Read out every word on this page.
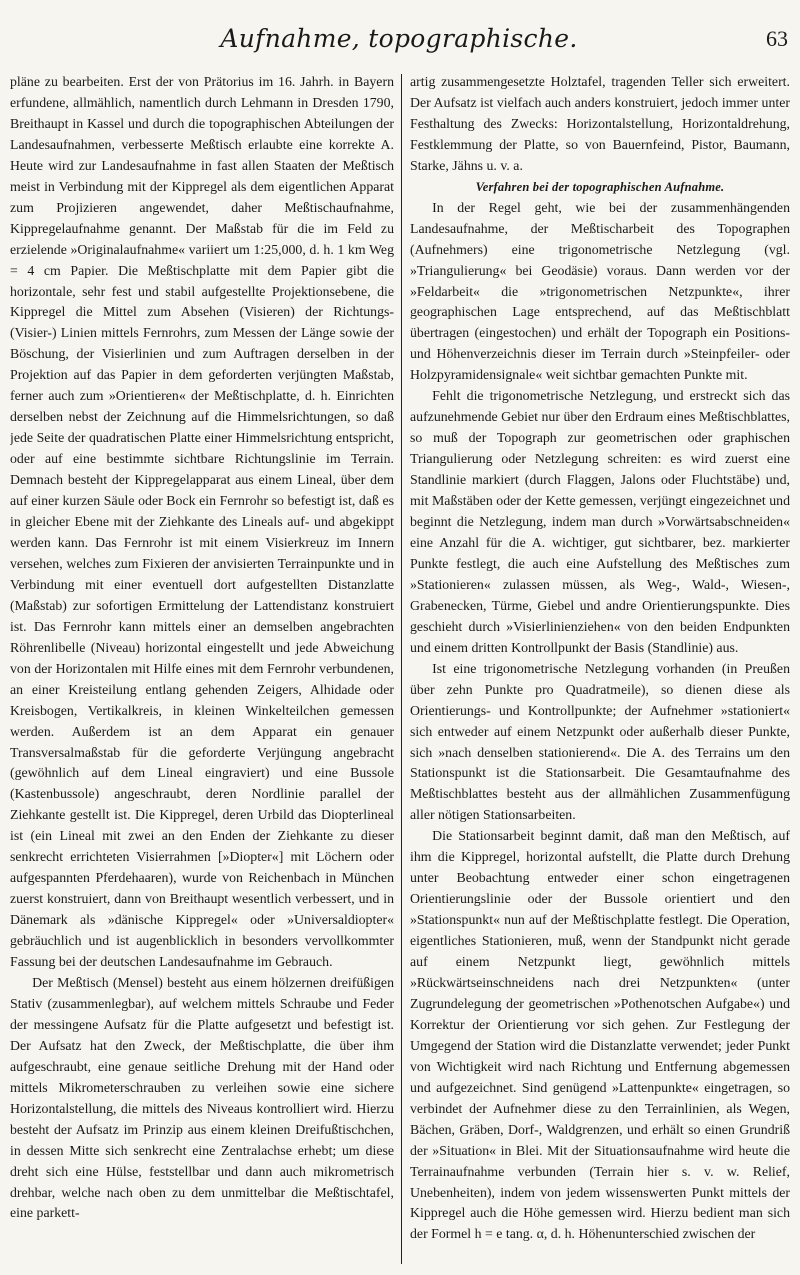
Aufnahme, topographische.	63

pläne zu bearbeiten. Erst der von Prätorius im 16. Jahrh. in Bayern erfundene, allmählich, namentlich durch Lehmann in Dresden 1790, Breithaupt in Kassel und durch die topographischen Abteilungen der Landesaufnahmen, verbesserte Meßtisch erlaubte eine korrekte A. Heute wird zur Landesaufnahme in fast allen Staaten der Meßtisch meist in Verbindung mit der Kippregel als dem eigentlichen Apparat zum Projizieren angewendet, daher Meßtischaufnahme, Kippregelaufnahme genannt. Der Maßstab für die im Feld zu erzielende »Originalaufnahme« variiert um 1:25,000, d. h. 1 km Weg = 4 cm Papier. Die Meßtischplatte mit dem Papier gibt die horizontale, sehr fest und stabil aufgestellte Projektionsebene, die Kippregel die Mittel zum Absehen (Visieren) der Richtungs- (Visier-) Linien mittels Fernrohrs, zum Messen der Länge sowie der Böschung, der Visierlinien und zum Auftragen derselben in der Projektion auf das Papier in dem geforderten verjüngten Maßstab, ferner auch zum »Orientieren« der Meßtischplatte, d. h. Einrichten derselben nebst der Zeichnung auf die Himmelsrichtungen, so daß jede Seite der quadratischen Platte einer Himmelsrichtung entspricht, oder auf eine bestimmte sichtbare Richtungslinie im Terrain. Demnach besteht der Kippregelapparat aus einem Lineal, über dem auf einer kurzen Säule oder Bock ein Fernrohr so befestigt ist, daß es in gleicher Ebene mit der Ziehkante des Lineals auf- und abgekippt werden kann. Das Fernrohr ist mit einem Visierkreuz im Innern versehen, welches zum Fixieren der anvisierten Terrainpunkte und in Verbindung mit einer eventuell dort aufgestellten Distanzlatte (Maßstab) zur sofortigen Ermittelung der Lattendistanz konstruiert ist. Das Fernrohr kann mittels einer an demselben angebrachten Röhrenlibelle (Niveau) horizontal eingestellt und jede Abweichung von der Horizontalen mit Hilfe eines mit dem Fernrohr verbundenen, an einer Kreisteilung entlang gehenden Zeigers, Alhidade oder Kreisbogen, Vertikalkreis, in kleinen Winkelteilchen gemessen werden. Außerdem ist an dem Apparat ein genauer Transversalmaßstab für die geforderte Verjüngung angebracht (gewöhnlich auf dem Lineal eingraviert) und eine Bussole (Kastenbussole) angeschraubt, deren Nordlinie parallel der Ziehkante gestellt ist. Die Kippregel, deren Urbild das Diopterlineal ist (ein Lineal mit zwei an den Enden der Ziehkante zu dieser senkrecht errichteten Visierrahmen [»Diopter«] mit Löchern oder aufgespannten Pferdehaaren), wurde von Reichenbach in München zuerst konstruiert, dann von Breithaupt wesentlich verbessert, und in Dänemark als »dänische Kippregel« oder »Universaldiopter« gebräuchlich und ist augenblicklich in besonders vervollkommter Fassung bei der deutschen Landesaufnahme im Gebrauch.

Der Meßtisch (Mensel) besteht aus einem hölzernen dreifüßigen Stativ (zusammenlegbar), auf welchem mittels Schraube und Feder der messingene Aufsatz für die Platte aufgesetzt und befestigt ist. Der Aufsatz hat den Zweck, der Meßtischplatte, die über ihm aufgeschraubt, eine genaue seitliche Drehung mit der Hand oder mittels Mikrometerschrauben zu verleihen sowie eine sichere Horizontalstellung, die mittels des Niveaus kontrolliert wird. Hierzu besteht der Aufsatz im Prinzip aus einem kleinen Dreifußtischchen, in dessen Mitte sich senkrecht eine Zentralachse erhebt; um diese dreht sich eine Hülse, feststellbar und dann auch mikrometrisch drehbar, welche nach oben zu dem unmittelbar die Meßtischtafel, eine parkett-

artig zusammengesetzte Holztafel, tragenden Teller sich erweitert. Der Aufsatz ist vielfach auch anders konstruiert, jedoch immer unter Festhaltung des Zwecks: Horizontalstellung, Horizontaldrehung, Festklemmung der Platte, so von Bauernfeind, Pistor, Baumann, Starke, Jähns u. v. a.

Verfahren bei der topographischen Aufnahme.

In der Regel geht, wie bei der zusammenhängenden Landesaufnahme, der Meßtischarbeit des Topographen (Aufnehmers) eine trigonometrische Netzlegung (vgl. »Triangulierung« bei Geodäsie) voraus. Dann werden vor der »Feldarbeit« die »trigonometrischen Netzpunkte«, ihrer geographischen Lage entsprechend, auf das Meßtischblatt übertragen (eingestochen) und erhält der Topograph ein Positions- und Höhenverzeichnis dieser im Terrain durch »Steinpfeiler- oder Holzpyramidensignale« weit sichtbar gemachten Punkte mit.

Fehlt die trigonometrische Netzlegung, und erstreckt sich das aufzunehmende Gebiet nur über den Erdraum eines Meßtischblattes, so muß der Topograph zur geometrischen oder graphischen Triangulierung oder Netzlegung schreiten: es wird zuerst eine Standlinie markiert (durch Flaggen, Jalons oder Fluchtstäbe) und, mit Maßstäben oder der Kette gemessen, verjüngt eingezeichnet und beginnt die Netzlegung, indem man durch »Vorwärtsabschneiden« eine Anzahl für die A. wichtiger, gut sichtbarer, bez. markierter Punkte festlegt, die auch eine Aufstellung des Meßtisches zum »Stationieren« zulassen müssen, als Weg-, Wald-, Wiesen-, Grabenecken, Türme, Giebel und andre Orientierungspunkte. Dies geschieht durch »Visierlinienziehen« von den beiden Endpunkten und einem dritten Kontrollpunkt der Basis (Standlinie) aus.

Ist eine trigonometrische Netzlegung vorhanden (in Preußen über zehn Punkte pro Quadratmeile), so dienen diese als Orientierungs- und Kontrollpunkte; der Aufnehmer »stationiert« sich entweder auf einem Netzpunkt oder außerhalb dieser Punkte, sich »nach denselben stationierend«. Die A. des Terrains um den Stationspunkt ist die Stationsarbeit. Die Gesamtaufnahme des Meßtischblattes besteht aus der allmählichen Zusammenfügung aller nötigen Stationsarbeiten.

Die Stationsarbeit beginnt damit, daß man den Meßtisch, auf ihm die Kippregel, horizontal aufstellt, die Platte durch Drehung unter Beobachtung entweder einer schon eingetragenen Orientierungslinie oder der Bussole orientiert und den »Stationspunkt« nun auf der Meßtischplatte festlegt. Die Operation, eigentliches Stationieren, muß, wenn der Standpunkt nicht gerade auf einem Netzpunkt liegt, gewöhnlich mittels »Rückwärtseinschneidens nach drei Netzpunkten« (unter Zugrundelegung der geometrischen »Pothenotschen Aufgabe«) und Korrektur der Orientierung vor sich gehen. Zur Festlegung der Umgegend der Station wird die Distanzlatte verwendet; jeder Punkt von Wichtigkeit wird nach Richtung und Entfernung abgemessen und aufgezeichnet. Sind genügend »Lattenpunkte« eingetragen, so verbindet der Aufnehmer diese zu den Terrainlinien, als Wegen, Bächen, Gräben, Dorf-, Waldgrenzen, und erhält so einen Grundriß der »Situation« in Blei. Mit der Situationsaufnahme wird heute die Terrainaufnahme verbunden (Terrain hier s. v. w. Relief, Unebenheiten), indem von jedem wissenswerten Punkt mittels der Kippregel auch die Höhe gemessen wird. Hierzu bedient man sich der Formel h = e tang. α, d. h. Höhenunterschied zwischen der
